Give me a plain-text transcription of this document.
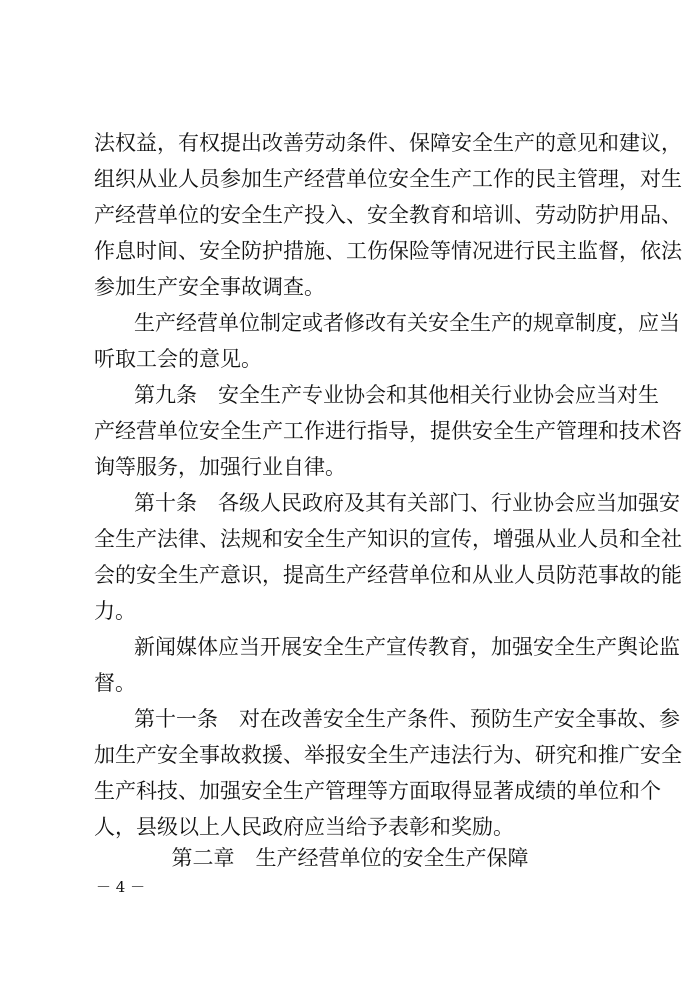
法权益，有权提出改善劳动条件、保障安全生产的意见和建议，
组织从业人员参加生产经营单位安全生产工作的民主管理，对生
产经营单位的安全生产投入、安全教育和培训、劳动防护用品、
作息时间、安全防护措施、工伤保险等情况进行民主监督，依法
参加生产安全事故调查。
生产经营单位制定或者修改有关安全生产的规章制度，应当
听取工会的意见。
第九条　安全生产专业协会和其他相关行业协会应当对生
产经营单位安全生产工作进行指导，提供安全生产管理和技术咨
询等服务，加强行业自律。
第十条　各级人民政府及其有关部门、行业协会应当加强安
全生产法律、法规和安全生产知识的宣传，增强从业人员和全社
会的安全生产意识，提高生产经营单位和从业人员防范事故的能
力。
新闻媒体应当开展安全生产宣传教育，加强安全生产舆论监
督。
第十一条　对在改善安全生产条件、预防生产安全事故、参
加生产安全事故救援、举报安全生产违法行为、研究和推广安全
生产科技、加强安全生产管理等方面取得显著成绩的单位和个
人，县级以上人民政府应当给予表彰和奖励。
第二章　生产经营单位的安全生产保障
－ 4 －
